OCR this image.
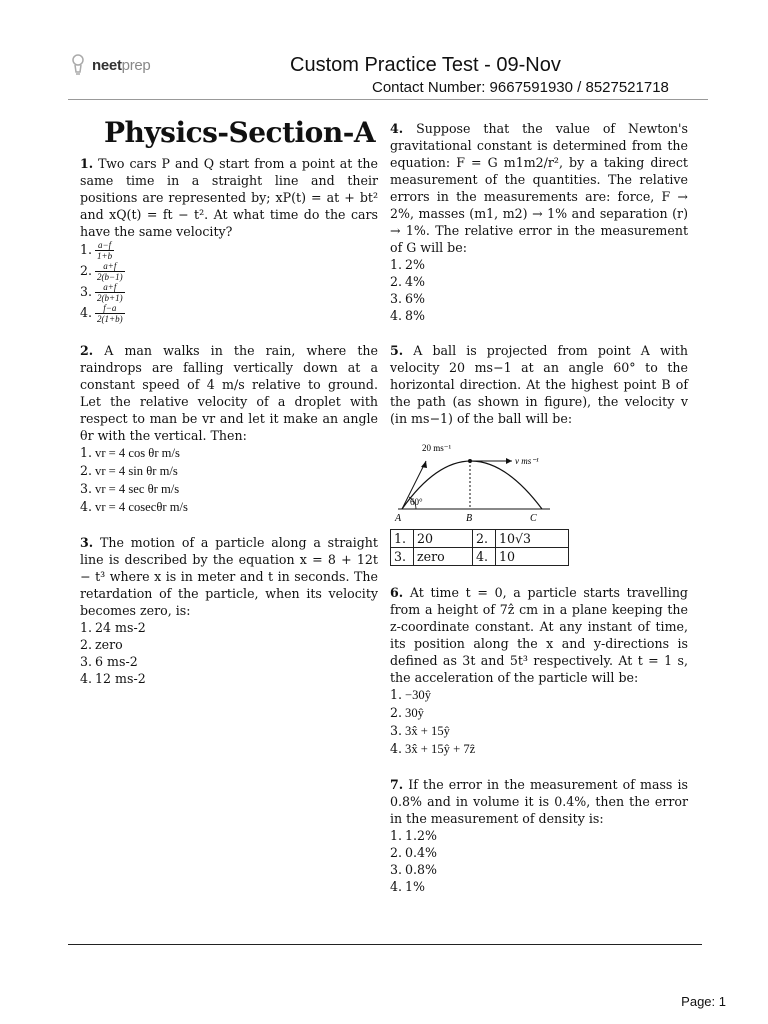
neetprep	Custom Practice Test - 09-Nov
Contact Number: 9667591930 / 8527521718
Physics-Section-A

1. Two cars P and Q start from a point at the same time in a straight line and their positions are represented by; xP(t) = at + bt² and xQ(t) = ft − t². At what time do the cars have the same velocity?

1. $\frac{a-f}{1+b}$
2. $\frac{a+f}{2(b-1)}$
3. $\frac{a+f}{2(b+1)}$
4. $\frac{f-a}{2(1+b)}$

2. A man walks in the rain, where the raindrops are falling vertically down at a constant speed of 4 m/s relative to ground. Let the relative velocity of a droplet with respect to man be vr and let it make an angle θr with the vertical. Then:

1. vr = 4 cos θr m/s
2. vr = 4 sin θr m/s
3. vr = 4 sec θr m/s
4. vr = 4 cosecθr m/s

3. The motion of a particle along a straight line is described by the equation x = 8 + 12t − t³ where x is in meter and t in seconds. The retardation of the particle, when its velocity becomes zero, is:

1. 24 ms-2
2. zero
3. 6 ms-2
4. 12 ms-2

4. Suppose that the value of Newton's gravitational constant is determined from the equation: F = G m1m2/r², by a taking direct measurement of the quantities. The relative errors in the measurements are: force, F → 2%, masses (m1, m2) → 1% and separation (r) → 1%. The relative error in the measurement of G will be:

1. 2%
2. 4%
3. 6%
4. 8%

5. A ball is projected from point A with velocity 20 ms−1 at an angle 60° to the horizontal direction. At the highest point B of the path (as shown in figure), the velocity v (in ms−1) of the ball will be:

20 ms⁻¹
v ms⁻¹
60°
A	B	C
1.	20	2.	10√3
3.	zero	4.	10

6. At time t = 0, a particle starts travelling from a height of 7ẑ cm in a plane keeping the z-coordinate constant. At any instant of time, its position along the x and y-directions is defined as 3t and 5t³ respectively. At t = 1 s, the acceleration of the particle will be:

1. −30ŷ
2. 30ŷ
3. 3x̂ + 15ŷ
4. 3x̂ + 15ŷ + 7ẑ

7. If the error in the measurement of mass is 0.8% and in volume it is 0.4%, then the error in the measurement of density is:

1. 1.2%
2. 0.4%
3. 0.8%
4. 1%
Page: 1
